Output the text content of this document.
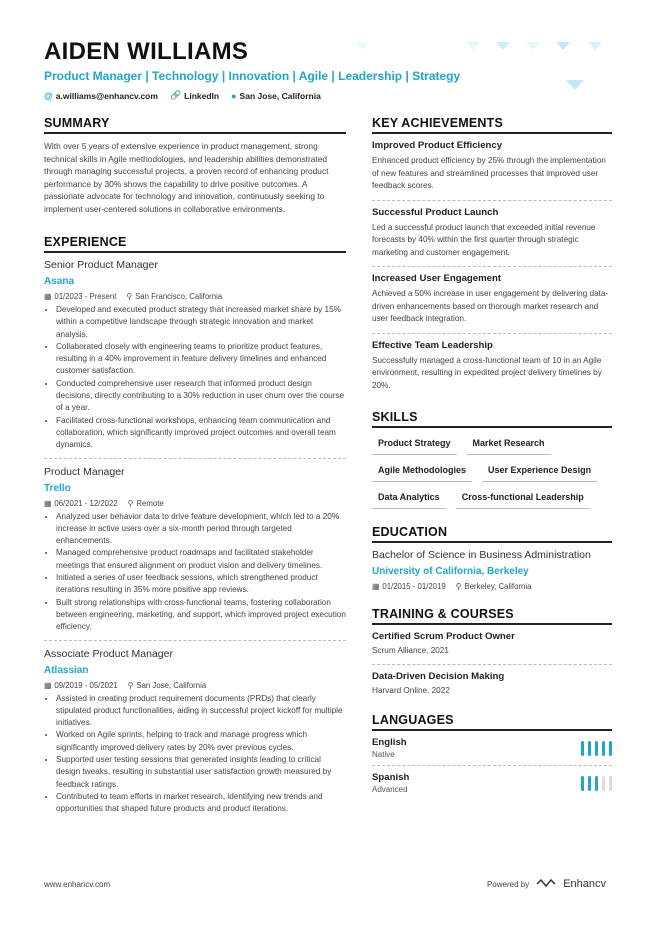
AIDEN WILLIAMS
Product Manager | Technology | Innovation | Agile | Leadership | Strategy
@ a.williams@enhancv.com 🔗 LinkedIn ● San Jose, California
SUMMARY

With over 5 years of extensive experience in product management, strong technical skills in Agile methodologies, and leadership abilities demonstrated through managing successful projects, a proven record of enhancing product performance by 30% shows the capability to drive positive outcomes. A passionate advocate for technology and innovation, continuously seeking to implement user-centered solutions in collaborative environments.

EXPERIENCE
Senior Product Manager
Asana
▦ 01/2023 - Present ⚲ San Francisco, California
• Developed and executed product strategy that increased market share by 15% within a competitive landscape through strategic innovation and market analysis.
• Collaborated closely with engineering teams to prioritize product features, resulting in a 40% improvement in feature delivery timelines and enhanced customer satisfaction.
• Conducted comprehensive user research that informed product design decisions, directly contributing to a 30% reduction in user churn over the course of a year.
• Facilitated cross-functional workshops, enhancing team communication and collaboration, which significantly improved project outcomes and overall team dynamics.
Product Manager
Trello
▦ 06/2021 - 12/2022 ⚲ Remote
• Analyzed user behavior data to drive feature development, which led to a 20% increase in active users over a six-month period through targeted enhancements.
• Managed comprehensive product roadmaps and facilitated stakeholder meetings that ensured alignment on product vision and delivery timelines.
• Initiated a series of user feedback sessions, which strengthened product iterations resulting in 35% more positive app reviews.
• Built strong relationships with cross-functional teams, fostering collaboration between engineering, marketing, and support, which improved project execution efficiency.
Associate Product Manager
Atlassian
▦ 09/2019 - 05/2021 ⚲ San Jose, California
• Assisted in creating product requirement documents (PRDs) that clearly stipulated product functionalities, aiding in successful project kickoff for multiple initiatives.
• Worked on Agile sprints, helping to track and manage progress which significantly improved delivery rates by 20% over previous cycles.
• Supported user testing sessions that generated insights leading to critical design tweaks, resulting in substantial user satisfaction growth measured by feedback ratings.
• Contributed to team efforts in market research, identifying new trends and opportunities that shaped future products and product iterations.
KEY ACHIEVEMENTS
Improved Product Efficiency
Enhanced product efficiency by 25% through the implementation of new features and streamlined processes that improved user feedback scores.
Successful Product Launch
Led a successful product launch that exceeded initial revenue forecasts by 40% within the first quarter through strategic marketing and customer engagement.
Increased User Engagement
Achieved a 50% increase in user engagement by delivering data-driven enhancements based on thorough market research and user feedback integration.
Effective Team Leadership
Successfully managed a cross-functional team of 10 in an Agile environment, resulting in expedited project delivery timelines by 20%.
SKILLS
Product Strategy	Market Research
Agile Methodologies	User Experience Design
Data Analytics	Cross-functional Leadership
EDUCATION
Bachelor of Science in Business Administration
University of California, Berkeley
▦ 01/2015 - 01/2019 ⚲ Berkeley, California
TRAINING & COURSES
Certified Scrum Product Owner
Scrum Alliance, 2021
Data-Driven Decision Making
Harvard Online, 2022
LANGUAGES
English
Native
Spanish
Advanced
www.enhancv.com	Powered by	Enhancv
